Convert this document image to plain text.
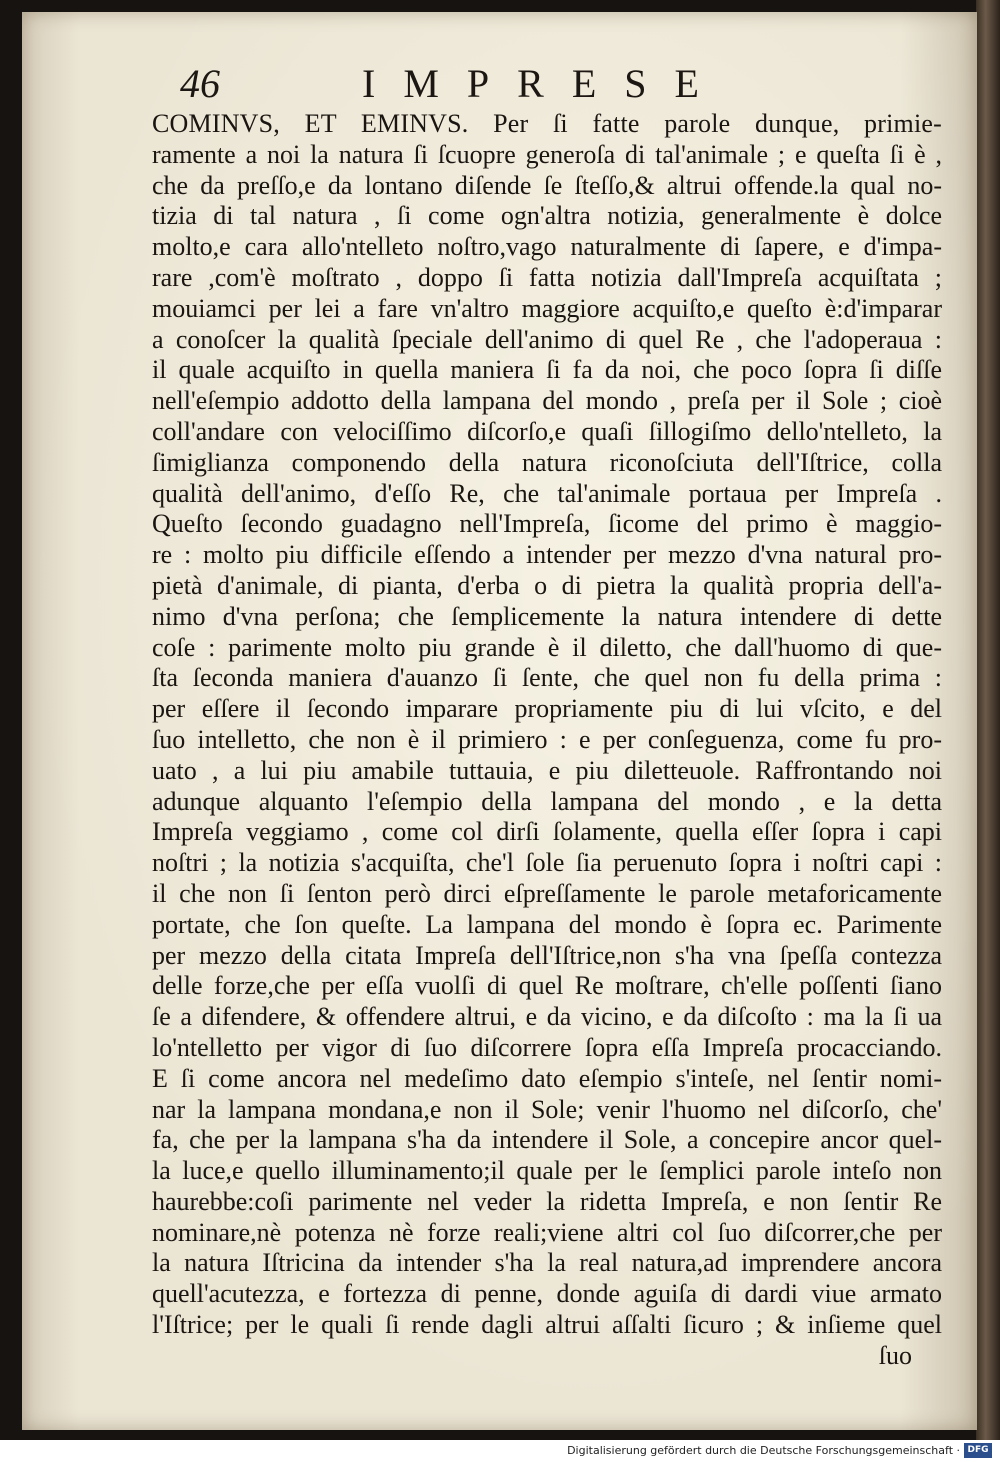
46	IMPRESE
COMINVS, ET EMINVS. Per ſi fatte parole dunque, primie-
ramente a noi la natura ſi ſcuopre generoſa di tal'animale ; e queſta ſi è ,
che da preſſo,e da lontano diſende ſe ſteſſo,& altrui offende.la qual no-
tizia di tal natura , ſi come ogn'altra notizia, generalmente è dolce
molto,e cara allo'ntelleto noſtro,vago naturalmente di ſapere, e d'impa-
rare ,com'è moſtrato , doppo ſi fatta notizia dall'Impreſa acquiſtata ;
mouiamci per lei a fare vn'altro maggiore acquiſto,e queſto è:d'imparar
a conoſcer la qualità ſpeciale dell'animo di quel Re , che l'adoperaua :
il quale acquiſto in quella maniera ſi fa da noi, che poco ſopra ſi diſſe
nell'eſempio addotto della lampana del mondo , preſa per il Sole ; cioè
coll'andare con velociſſimo diſcorſo,e quaſi ſillogiſmo dello'ntelleto, la
ſimiglianza componendo della natura riconoſciuta dell'Iſtrice, colla
qualità dell'animo, d'eſſo Re, che tal'animale portaua per Impreſa .
Queſto ſecondo guadagno nell'Impreſa, ſicome del primo è maggio-
re : molto piu difficile eſſendo a intender per mezzo d'vna natural pro-
pietà d'animale, di pianta, d'erba o di pietra la qualità propria dell'a-
nimo d'vna perſona; che ſemplicemente la natura intendere di dette
coſe : parimente molto piu grande è il diletto, che dall'huomo di que-
ſta ſeconda maniera d'auanzo ſi ſente, che quel non fu della prima :
per eſſere il ſecondo imparare propriamente piu di lui vſcito, e del
ſuo intelletto, che non è il primiero : e per conſeguenza, come fu pro-
uato , a lui piu amabile tuttauia, e piu diletteuole. Raffrontando noi
adunque alquanto l'eſempio della lampana del mondo , e la detta
Impreſa veggiamo , come col dirſi ſolamente, quella eſſer ſopra i capi
noſtri ; la notizia s'acquiſta, che'l ſole ſia peruenuto ſopra i noſtri capi :
il che non ſi ſenton però dirci eſpreſſamente le parole metaforicamente
portate, che ſon queſte. La lampana del mondo è ſopra ec. Parimente
per mezzo della citata Impreſa dell'Iſtrice,non s'ha vna ſpeſſa contezza
delle forze,che per eſſa vuolſi di quel Re moſtrare, ch'elle poſſenti ſiano
ſe a difendere, & offendere altrui, e da vicino, e da diſcoſto : ma la ſi ua
lo'ntelletto per vigor di ſuo diſcorrere ſopra eſſa Impreſa procacciando.
E ſi come ancora nel medeſimo dato eſempio s'inteſe, nel ſentir nomi-
nar la lampana mondana,e non il Sole; venir l'huomo nel diſcorſo, che'
fa, che per la lampana s'ha da intendere il Sole, a concepire ancor quel-
la luce,e quello illuminamento;il quale per le ſemplici parole inteſo non
haurebbe:coſi parimente nel veder la ridetta Impreſa, e non ſentir Re
nominare,nè potenza nè forze reali;viene altri col ſuo diſcorrer,che per
la natura Iſtricina da intender s'ha la real natura,ad imprendere ancora
quell'acutezza, e fortezza di penne, donde aguiſa di dardi viue armato
l'Iſtrice; per le quali ſi rende dagli altrui aſſalti ſicuro ; & inſieme quel
ſuo
Digitalisierung gefördert durch die Deutsche Forschungsgemeinschaft · DFG
